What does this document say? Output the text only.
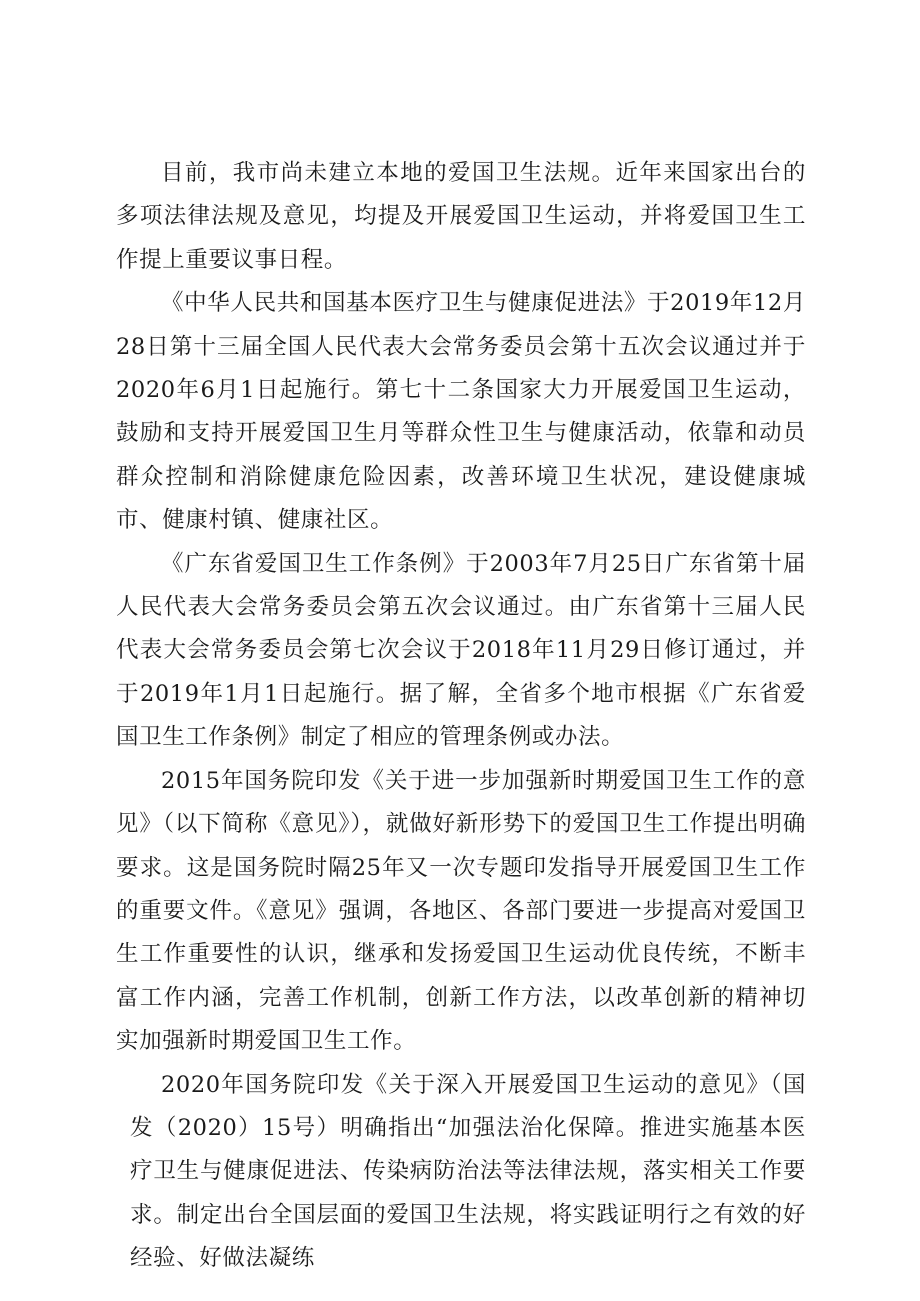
目前，我市尚未建立本地的爱国卫生法规。近年来国家出台的多项法律法规及意见，均提及开展爱国卫生运动，并将爱国卫生工作提上重要议事日程。

《中华人民共和国基本医疗卫生与健康促进法》于2019年12月28日第十三届全国人民代表大会常务委员会第十五次会议通过并于2020年6月1日起施行。第七十二条国家大力开展爱国卫生运动，鼓励和支持开展爱国卫生月等群众性卫生与健康活动，依靠和动员群众控制和消除健康危险因素，改善环境卫生状况，建设健康城市、健康村镇、健康社区。

《广东省爱国卫生工作条例》于2003年7月25日广东省第十届人民代表大会常务委员会第五次会议通过。由广东省第十三届人民代表大会常务委员会第七次会议于2018年11月29日修订通过，并于2019年1月1日起施行。据了解，全省多个地市根据《广东省爱国卫生工作条例》制定了相应的管理条例或办法。

2015年国务院印发《关于进一步加强新时期爱国卫生工作的意见》（以下简称《意见》），就做好新形势下的爱国卫生工作提出明确要求。这是国务院时隔25年又一次专题印发指导开展爱国卫生工作的重要文件。《意见》强调，各地区、各部门要进一步提高对爱国卫生工作重要性的认识，继承和发扬爱国卫生运动优良传统，不断丰富工作内涵，完善工作机制，创新工作方法，以改革创新的精神切实加强新时期爱国卫生工作。

2020年国务院印发《关于深入开展爱国卫生运动的意见》（国发（2020）15号）明确指出“加强法治化保障。推进实施基本医疗卫生与健康促进法、传染病防治法等法律法规，落实相关工作要求。制定出台全国层面的爱国卫生法规，将实践证明行之有效的好经验、好做法凝练
